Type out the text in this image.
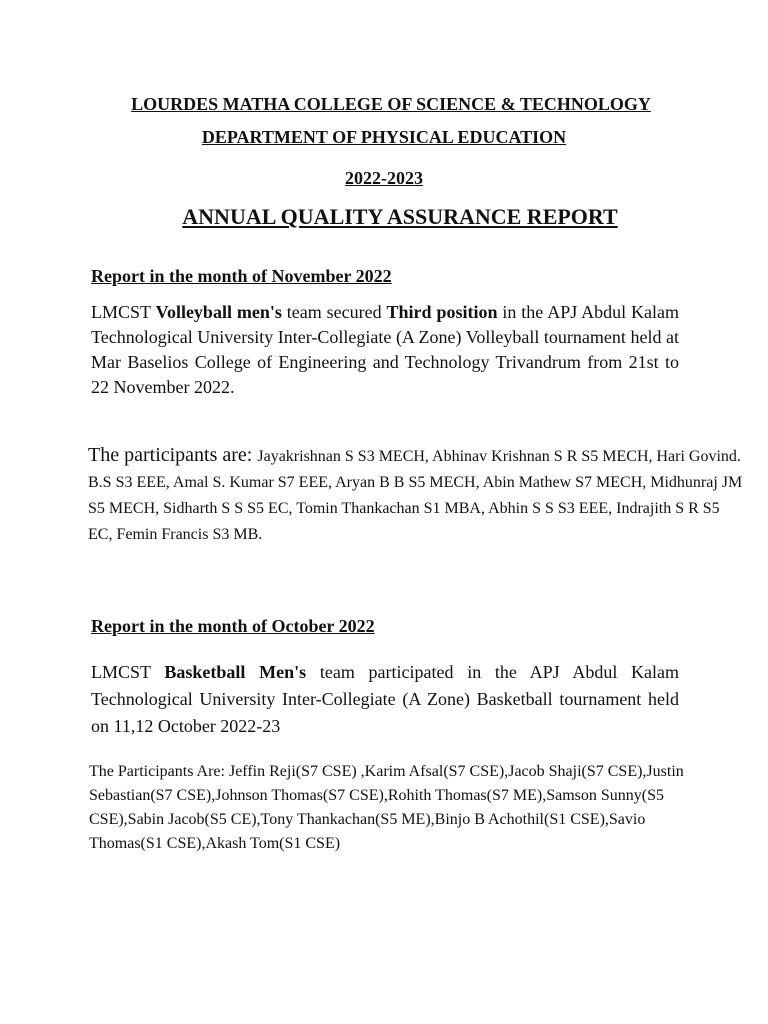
LOURDES MATHA COLLEGE OF SCIENCE & TECHNOLOGY
DEPARTMENT OF PHYSICAL EDUCATION
2022-2023
ANNUAL QUALITY ASSURANCE REPORT
Report in the month of November 2022
LMCST Volleyball men's team secured Third position in the APJ Abdul Kalam Technological University Inter-Collegiate (A Zone) Volleyball tournament held at Mar Baselios College of Engineering and Technology Trivandrum from 21st to 22 November 2022.
The participants are: Jayakrishnan S S3 MECH, Abhinav Krishnan S R S5 MECH, Hari Govind. B.S S3 EEE, Amal S. Kumar S7 EEE, Aryan B B S5 MECH, Abin Mathew S7 MECH, Midhunraj JM S5 MECH, Sidharth S S S5 EC, Tomin Thankachan S1 MBA, Abhin S S S3 EEE, Indrajith S R S5 EC, Femin Francis S3 MB.
Report in the month of October 2022
LMCST Basketball Men's team participated in the APJ Abdul Kalam Technological University Inter-Collegiate (A Zone) Basketball tournament held on 11,12 October 2022-23
The Participants Are: Jeffin Reji(S7 CSE) ,Karim Afsal(S7 CSE),Jacob Shaji(S7 CSE),Justin Sebastian(S7 CSE),Johnson Thomas(S7 CSE),Rohith Thomas(S7 ME),Samson Sunny(S5 CSE),Sabin Jacob(S5 CE),Tony Thankachan(S5 ME),Binjo B Achothil(S1 CSE),Savio Thomas(S1 CSE),Akash Tom(S1 CSE)
